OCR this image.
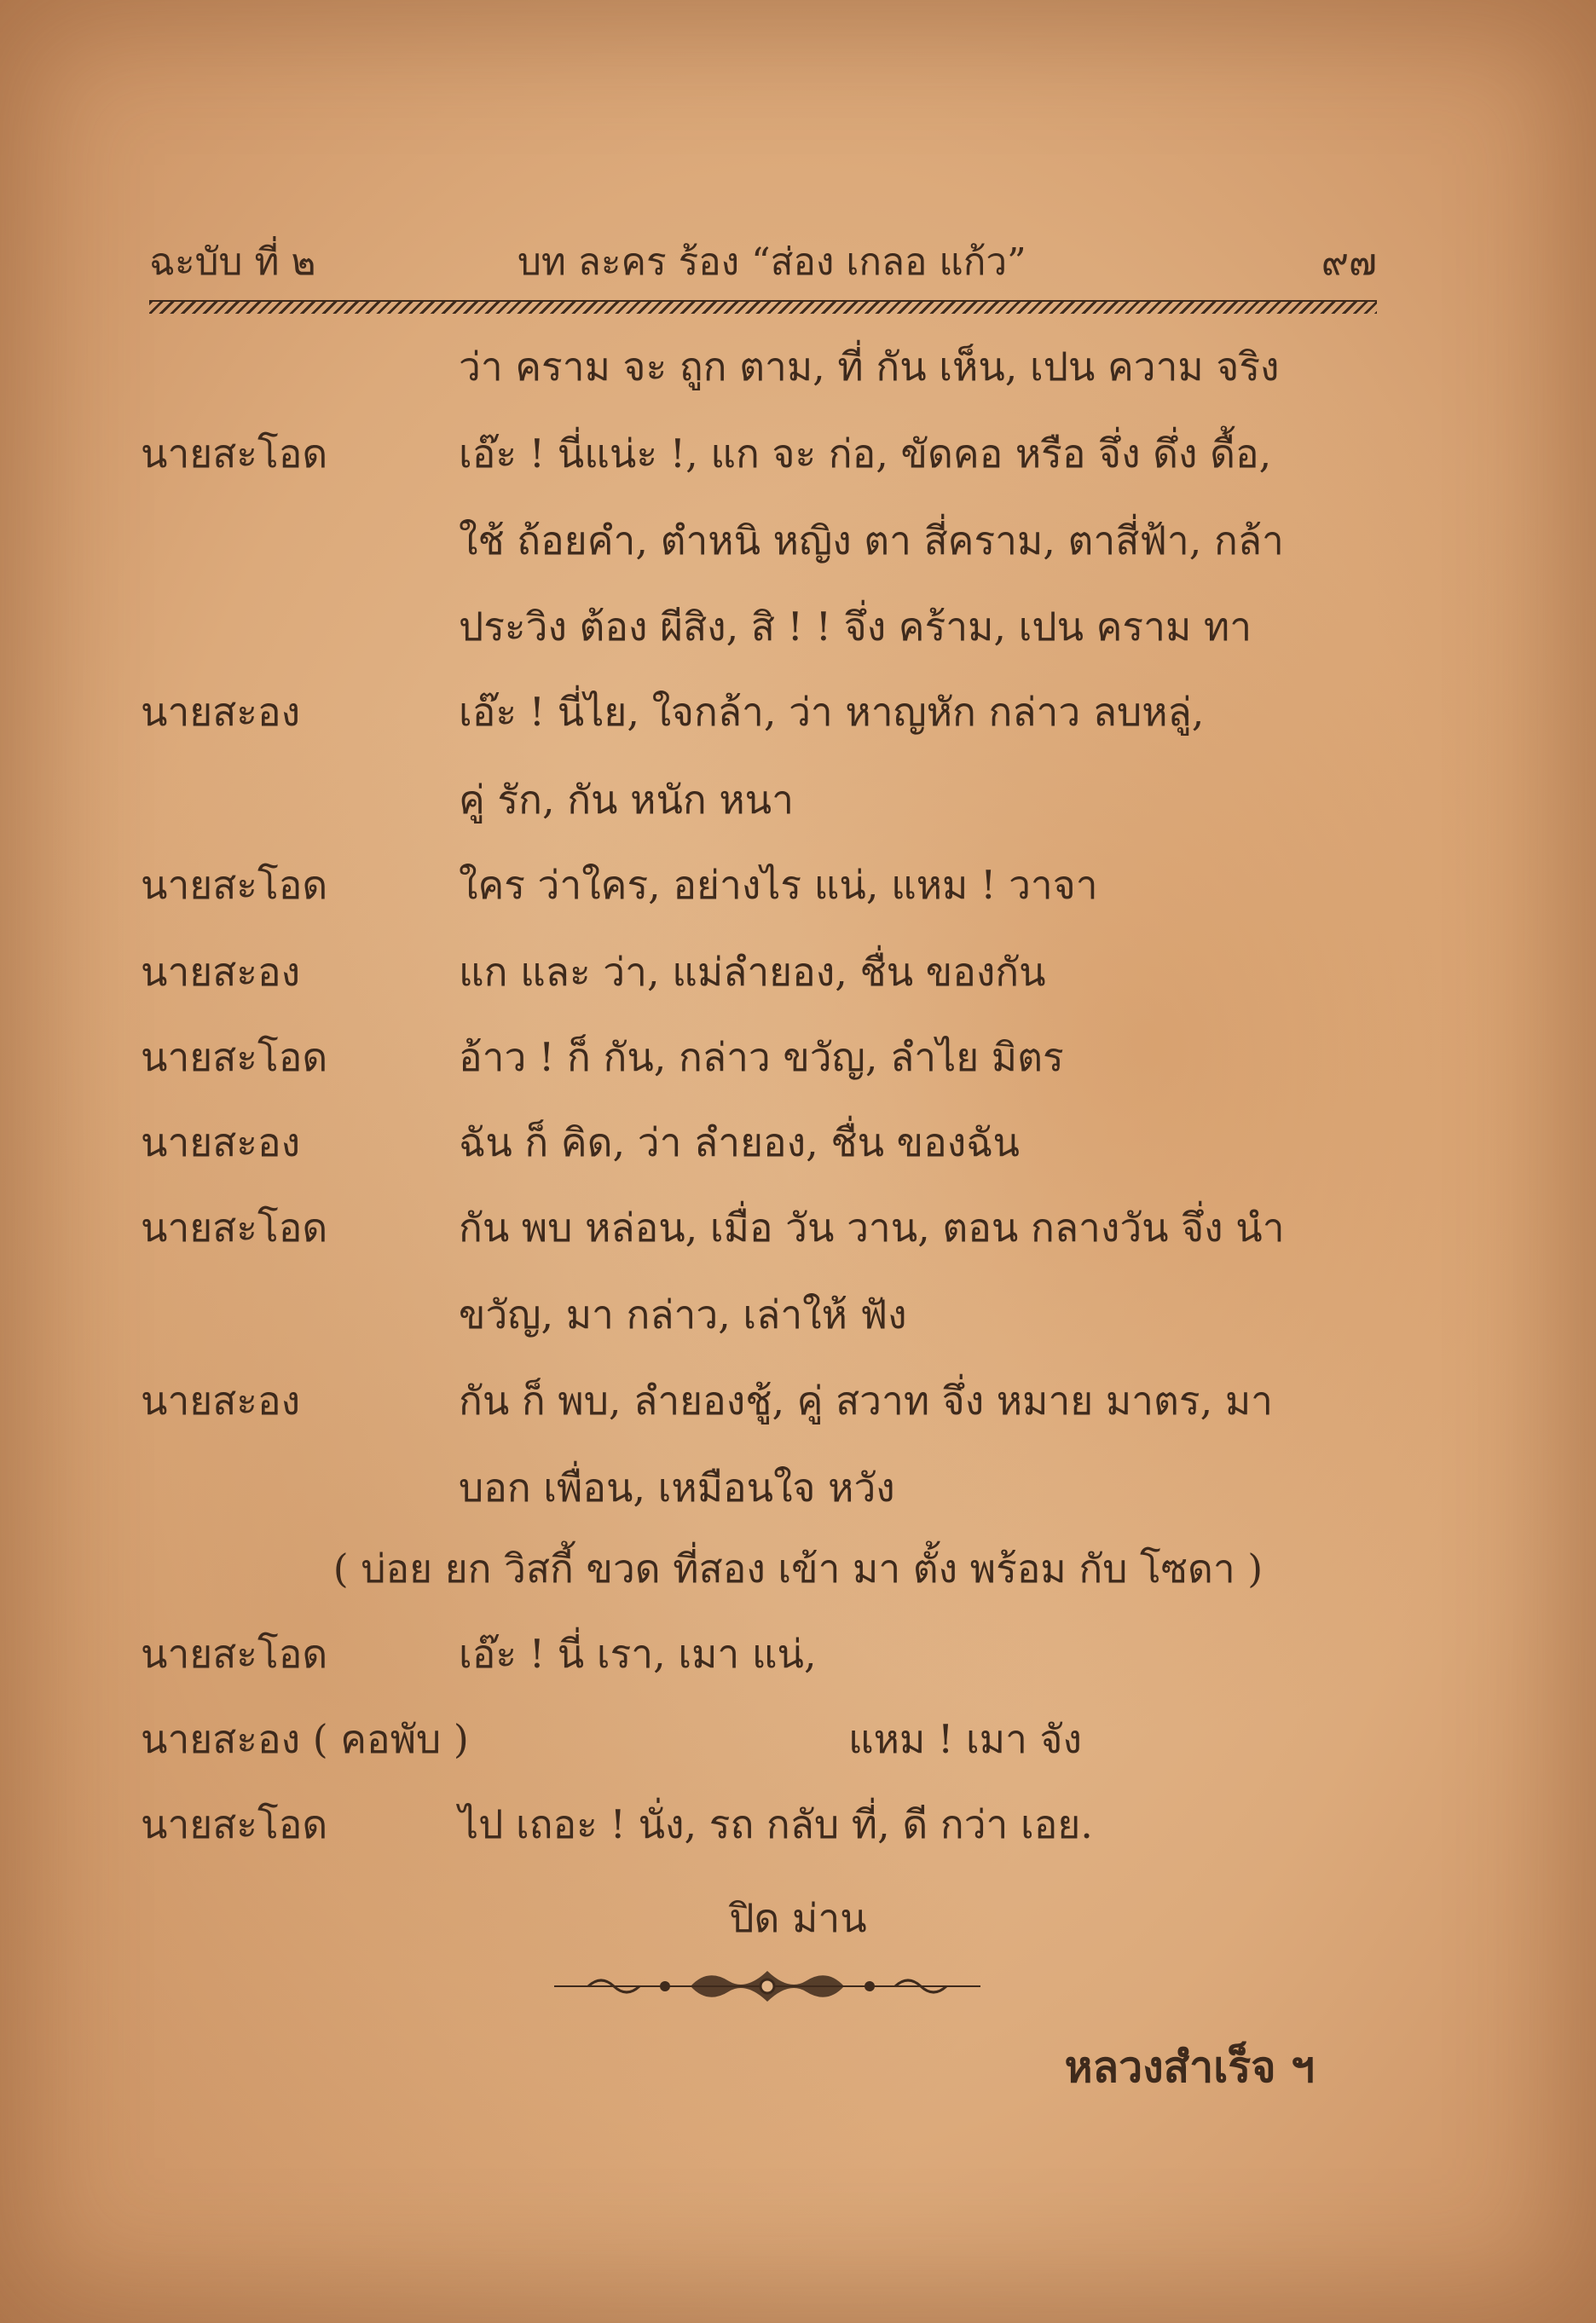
ฉะบับ ที่ ๒	บท ละคร ร้อง “ส่อง เกลอ แก้ว”	๙๗
ว่า คราม จะ ถูก ตาม, ที่ กัน เห็น, เปน ความ จริง
นายสะโอด	เอ๊ะ ! นี่แน่ะ !, แก จะ ก่อ, ขัดคอ หรือ จึ่ง ดึ่ง ดื้อ,
ใช้ ถ้อยคำ, ตำหนิ หญิง ตา สี่คราม, ตาสี่ฟ้า, กล้า
ประวิง ต้อง ผีสิง, สิ ! ! จึ่ง คร้าม, เปน คราม ทา
นายสะอง	เอ๊ะ ! นี่ไย, ใจกล้า, ว่า หาญหัก กล่าว ลบหลู่,
คู่ รัก, กัน หนัก หนา
นายสะโอด	ใคร ว่าใคร, อย่างไร แน่, แหม ! วาจา
นายสะอง	แก และ ว่า, แม่ลำยอง, ชื่น ของกัน
นายสะโอด	อ้าว ! ก็ กัน, กล่าว ขวัญ, ลำไย มิตร
นายสะอง	ฉัน ก็ คิด, ว่า ลำยอง, ชื่น ของฉัน
นายสะโอด	กัน พบ หล่อน, เมื่อ วัน วาน, ตอน กลางวัน จึ่ง นำ
ขวัญ, มา กล่าว, เล่าให้ ฟัง
นายสะอง	กัน ก็ พบ, ลำยองชู้, คู่ สวาท จึ่ง หมาย มาตร, มา
บอก เพื่อน, เหมือนใจ หวัง
( บ่อย ยก วิสกี้ ขวด ที่สอง เข้า มา ตั้ง พร้อม กับ โซดา )
นายสะโอด	เอ๊ะ ! นี่ เรา, เมา แน่,
นายสะอง ( คอพับ )	แหม ! เมา จัง
นายสะโอด	ไป เถอะ ! นั่ง, รถ กลับ ที่, ดี กว่า เอย.
ปิด ม่าน
หลวงสำเร็จ ฯ
